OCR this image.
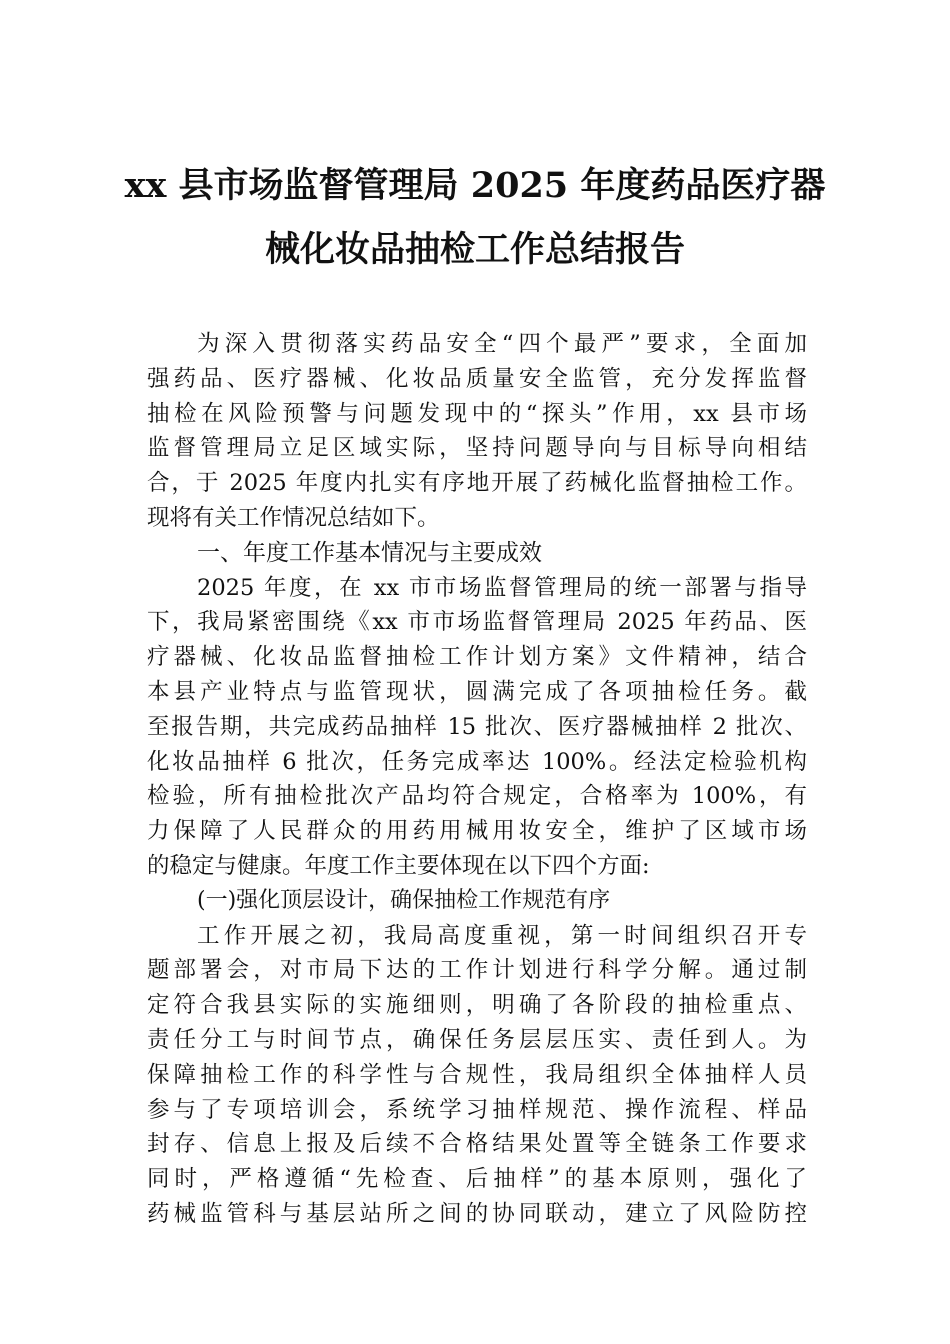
xx 县市场监督管理局 2025 年度药品医疗器
械化妆品抽检工作总结报告
为深入贯彻落实药品安全“四个最严”要求，全面加
强药品、医疗器械、化妆品质量安全监管，充分发挥监督
抽检在风险预警与问题发现中的“探头”作用，xx 县市场
监督管理局立足区域实际，坚持问题导向与目标导向相结
合，于 2025 年度内扎实有序地开展了药械化监督抽检工作。
现将有关工作情况总结如下。
一、年度工作基本情况与主要成效
2025 年度，在 xx 市市场监督管理局的统一部署与指导
下，我局紧密围绕《xx 市市场监督管理局 2025 年药品、医
疗器械、化妆品监督抽检工作计划方案》文件精神，结合
本县产业特点与监管现状，圆满完成了各项抽检任务。截
至报告期，共完成药品抽样 15 批次、医疗器械抽样 2 批次、
化妆品抽样 6 批次，任务完成率达 100%。经法定检验机构
检验，所有抽检批次产品均符合规定，合格率为 100%，有
力保障了人民群众的用药用械用妆安全，维护了区域市场
的稳定与健康。年度工作主要体现在以下四个方面:
(一)强化顶层设计，确保抽检工作规范有序
工作开展之初，我局高度重视，第一时间组织召开专
题部署会，对市局下达的工作计划进行科学分解。通过制
定符合我县实际的实施细则，明确了各阶段的抽检重点、
责任分工与时间节点，确保任务层层压实、责任到人。为
保障抽检工作的科学性与合规性，我局组织全体抽样人员
参与了专项培训会，系统学习抽样规范、操作流程、样品
封存、信息上报及后续不合格结果处置等全链条工作要求
同时，严格遵循“先检查、后抽样”的基本原则，强化了
药械监管科与基层站所之间的协同联动，建立了风险防控
